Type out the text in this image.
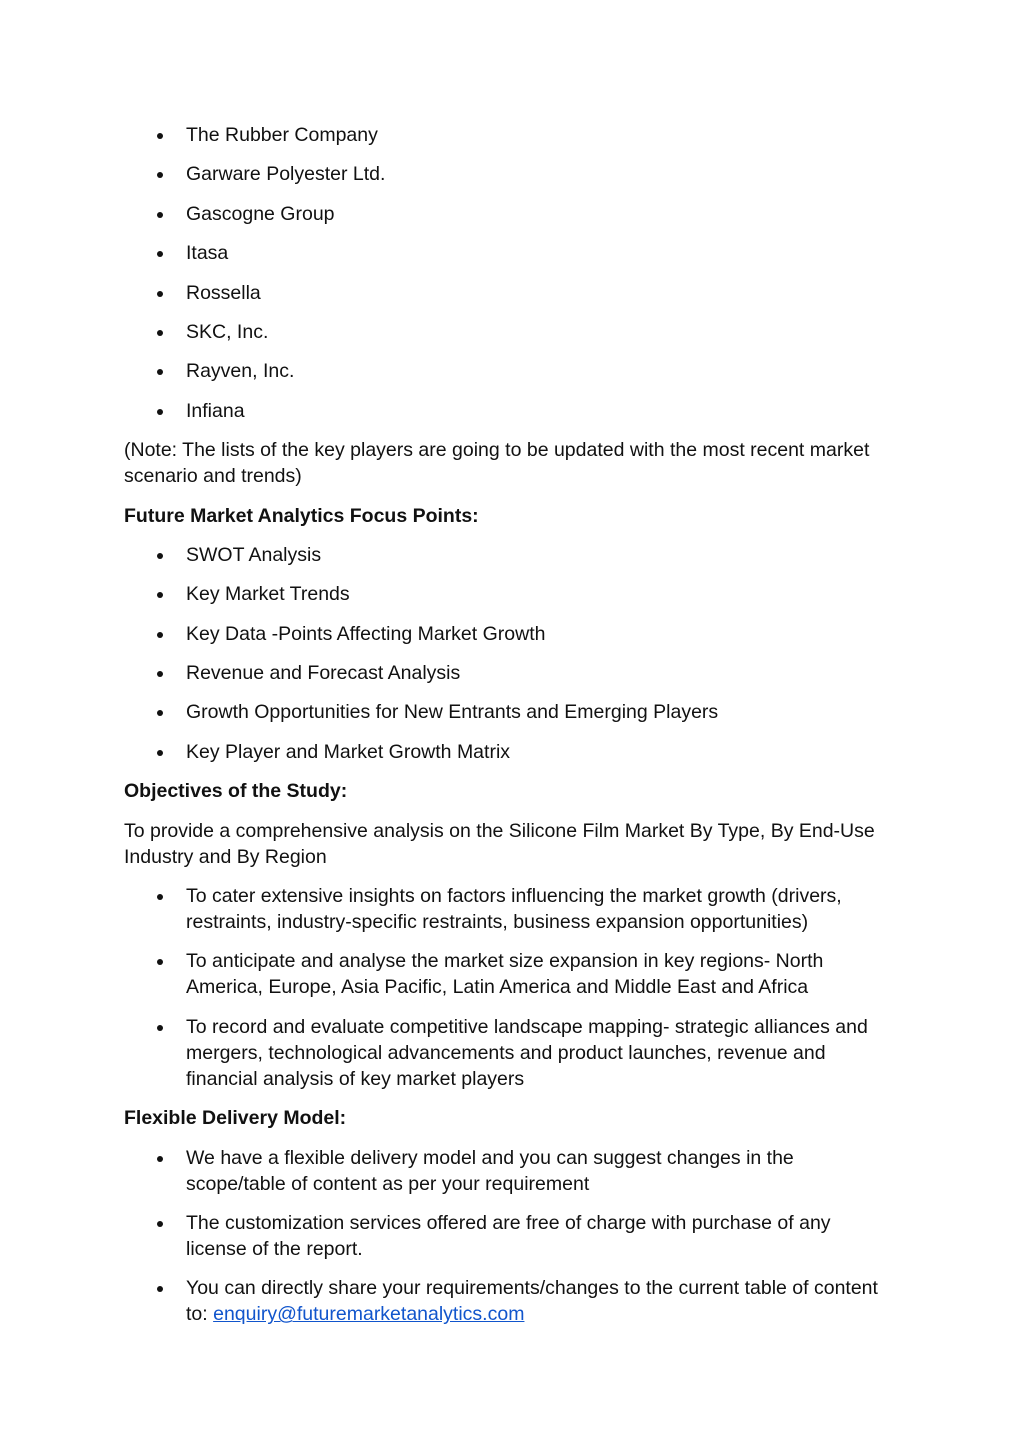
The Rubber Company
Garware Polyester Ltd.
Gascogne Group
Itasa
Rossella
SKC, Inc.
Rayven, Inc.
Infiana

(Note: The lists of the key players are going to be updated with the most recent market scenario and trends)

Future Market Analytics Focus Points:
SWOT Analysis
Key Market Trends
Key Data -Points Affecting Market Growth
Revenue and Forecast Analysis
Growth Opportunities for New Entrants and Emerging Players
Key Player and Market Growth Matrix
Objectives of the Study:

To provide a comprehensive analysis on the Silicone Film Market By Type, By End-Use Industry and By Region

To cater extensive insights on factors influencing the market growth (drivers, restraints, industry-specific restraints, business expansion opportunities)
To anticipate and analyse the market size expansion in key regions- North America, Europe, Asia Pacific, Latin America and Middle East and Africa
To record and evaluate competitive landscape mapping- strategic alliances and mergers, technological advancements and product launches, revenue and financial analysis of key market players
Flexible Delivery Model:
We have a flexible delivery model and you can suggest changes in the scope/table of content as per your requirement
The customization services offered are free of charge with purchase of any license of the report.
You can directly share your requirements/changes to the current table of content to: enquiry@futuremarketanalytics.com
